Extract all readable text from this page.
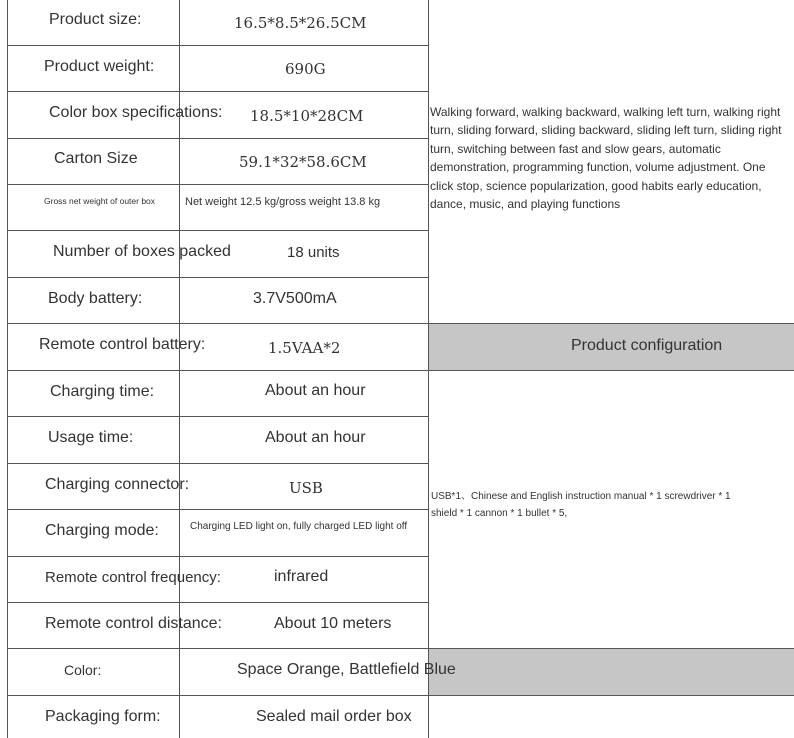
Product size:
Product weight:
Color box specifications:
Carton Size
Gross net weight of outer box
Number of boxes packed
Body battery:
Remote control battery:
Charging time:
Usage time:
Charging connector:
Charging mode:
Remote control frequency:
Remote control distance:
Color:
Packaging form:
16.5*8.5*26.5CM
690G
18.5*10*28CM
59.1*32*58.6CM
Net weight 12.5 kg/gross weight 13.8 kg
18 units
3.7V500mA
1.5VAA*2
About an hour
About an hour
USB
Charging LED light on, fully charged LED light off
infrared
About 10 meters
Space Orange, Battlefield Blue
Sealed mail order box
Walking forward, walking backward, walking left turn, walking right turn, sliding forward, sliding backward, sliding left turn, sliding right turn, switching between fast and slow gears, automatic demonstration, programming function, volume adjustment. One click stop, science popularization, good habits early education, dance, music, and playing functions
Product configuration
USB*1、Chinese and English instruction manual * 1 screwdriver * 1
shield * 1 cannon * 1 bullet * 5,
